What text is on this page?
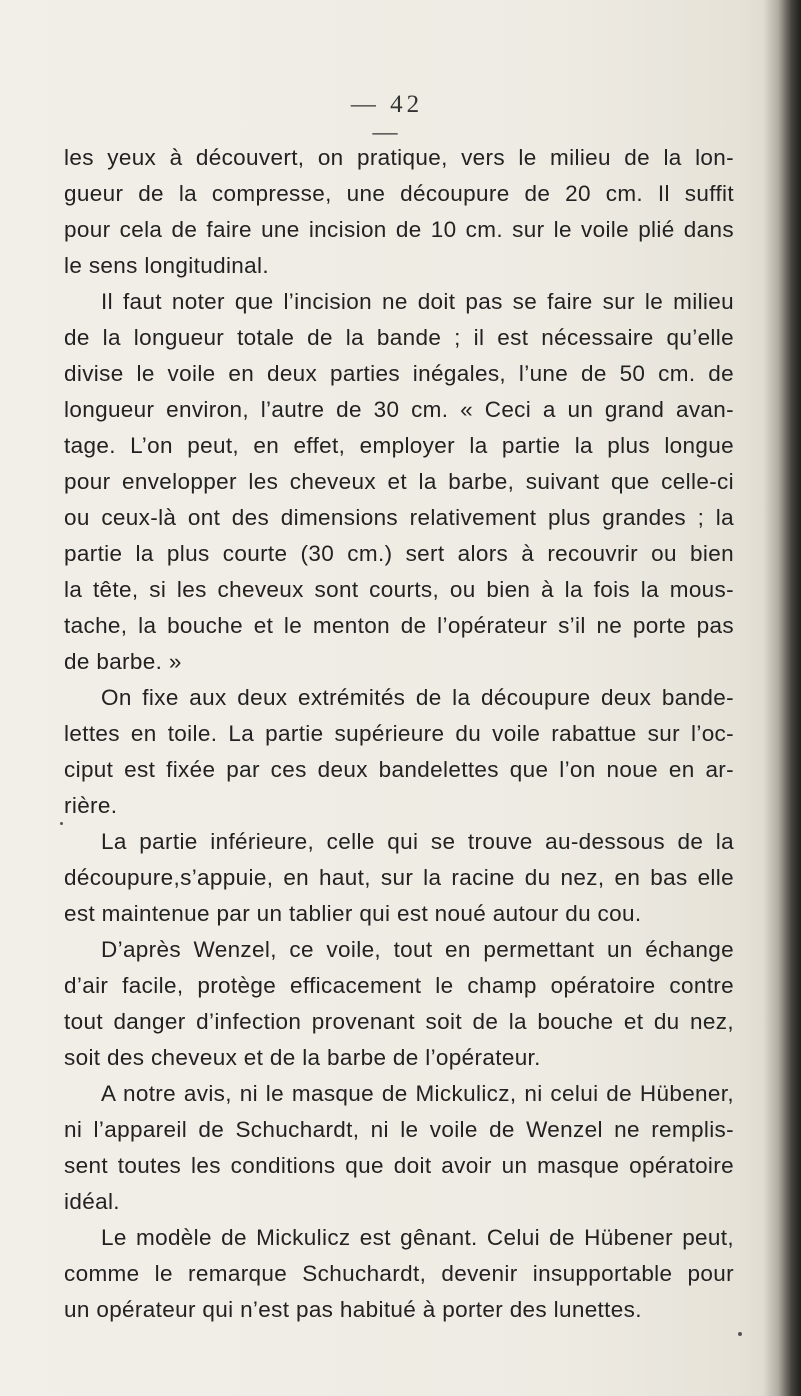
— 42 —
les yeux à découvert, on pratique, vers le milieu de la lon-
gueur de la compresse, une découpure de 20 cm. Il suffit
pour cela de faire une incision de 10 cm. sur le voile plié dans
le sens longitudinal.
Il faut noter que l’incision ne doit pas se faire sur le milieu
de la longueur totale de la bande ; il est nécessaire qu’elle
divise le voile en deux parties inégales, l’une de 50 cm. de
longueur environ, l’autre de 30 cm. « Ceci a un grand avan-
tage. L’on peut, en effet, employer la partie la plus longue
pour envelopper les cheveux et la barbe, suivant que celle-ci
ou ceux-là ont des dimensions relativement plus grandes ; la
partie la plus courte (30 cm.) sert alors à recouvrir ou bien
la tête, si les cheveux sont courts, ou bien à la fois la mous-
tache, la bouche et le menton de l’opérateur s’il ne porte pas
de barbe. »
On fixe aux deux extrémités de la découpure deux bande-
lettes en toile. La partie supérieure du voile rabattue sur l’oc-
ciput est fixée par ces deux bandelettes que l’on noue en ar-
rière.
La partie inférieure, celle qui se trouve au-dessous de la
découpure,s’appuie, en haut, sur la racine du nez, en bas elle
est maintenue par un tablier qui est noué autour du cou.
D’après Wenzel, ce voile, tout en permettant un échange
d’air facile, protège efficacement le champ opératoire contre
tout danger d’infection provenant soit de la bouche et du nez,
soit des cheveux et de la barbe de l’opérateur.
A notre avis, ni le masque de Mickulicz, ni celui de Hübener,
ni l’appareil de Schuchardt, ni le voile de Wenzel ne remplis-
sent toutes les conditions que doit avoir un masque opératoire
idéal.
Le modèle de Mickulicz est gênant. Celui de Hübener peut,
comme le remarque Schuchardt, devenir insupportable pour
un opérateur qui n’est pas habitué à porter des lunettes.
